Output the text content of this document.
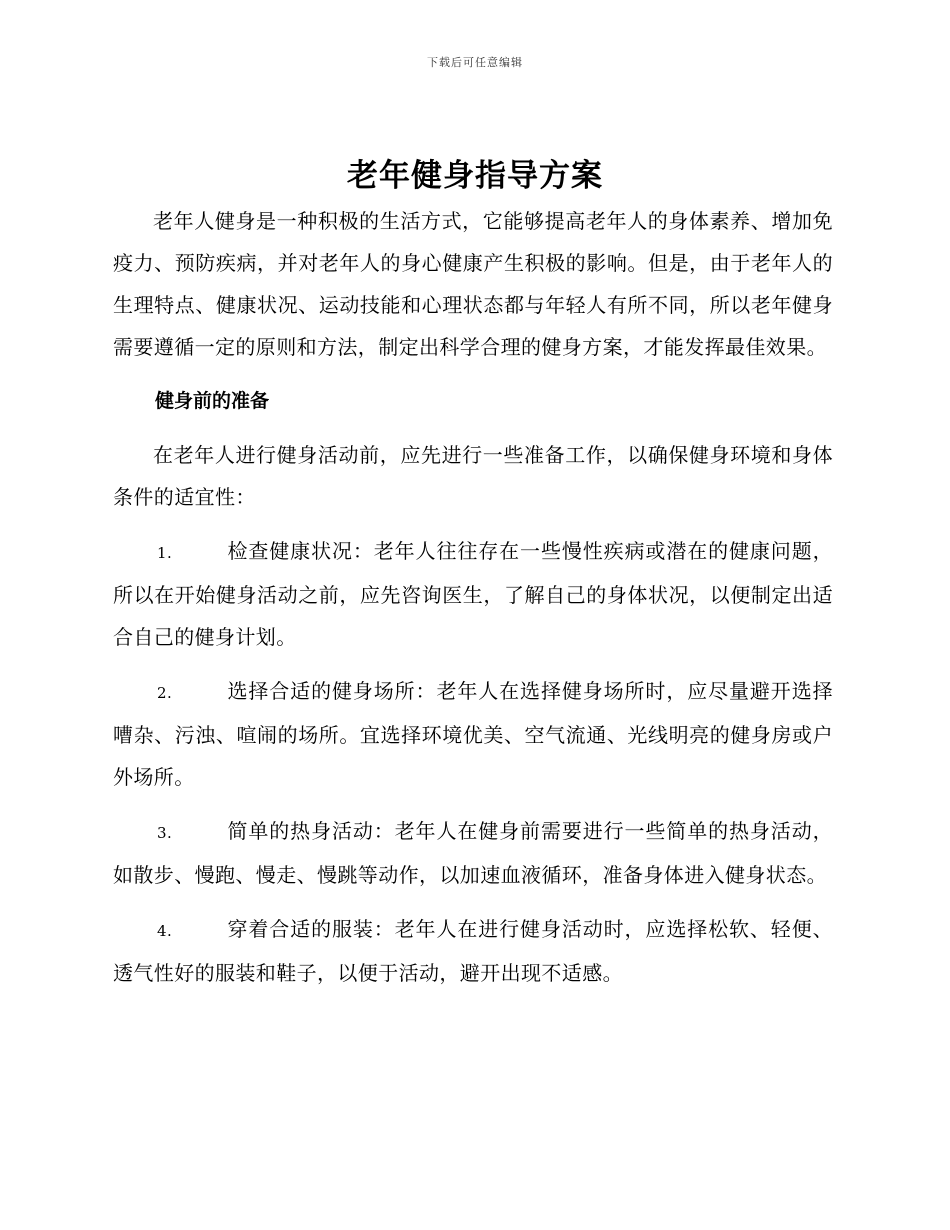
下载后可任意编辑
老年健身指导方案

老年人健身是一种积极的生活方式，它能够提高老年人的身体素养、增加免疫力、预防疾病，并对老年人的身心健康产生积极的影响。但是，由于老年人的生理特点、健康状况、运动技能和心理状态都与年轻人有所不同，所以老年健身需要遵循一定的原则和方法，制定出科学合理的健身方案，才能发挥最佳效果。

健身前的准备

在老年人进行健身活动前，应先进行一些准备工作，以确保健身环境和身体条件的适宜性：

1.	检查健康状况：老年人往往存在一些慢性疾病或潜在的健康问题，所以在开始健身活动之前，应先咨询医生，了解自己的身体状况，以便制定出适合自己的健身计划。

2.	选择合适的健身场所：老年人在选择健身场所时，应尽量避开选择嘈杂、污浊、喧闹的场所。宜选择环境优美、空气流通、光线明亮的健身房或户外场所。

3.	简单的热身活动：老年人在健身前需要进行一些简单的热身活动，如散步、慢跑、慢走、慢跳等动作，以加速血液循环，准备身体进入健身状态。

4.	穿着合适的服装：老年人在进行健身活动时，应选择松软、轻便、透气性好的服装和鞋子，以便于活动，避开出现不适感。
